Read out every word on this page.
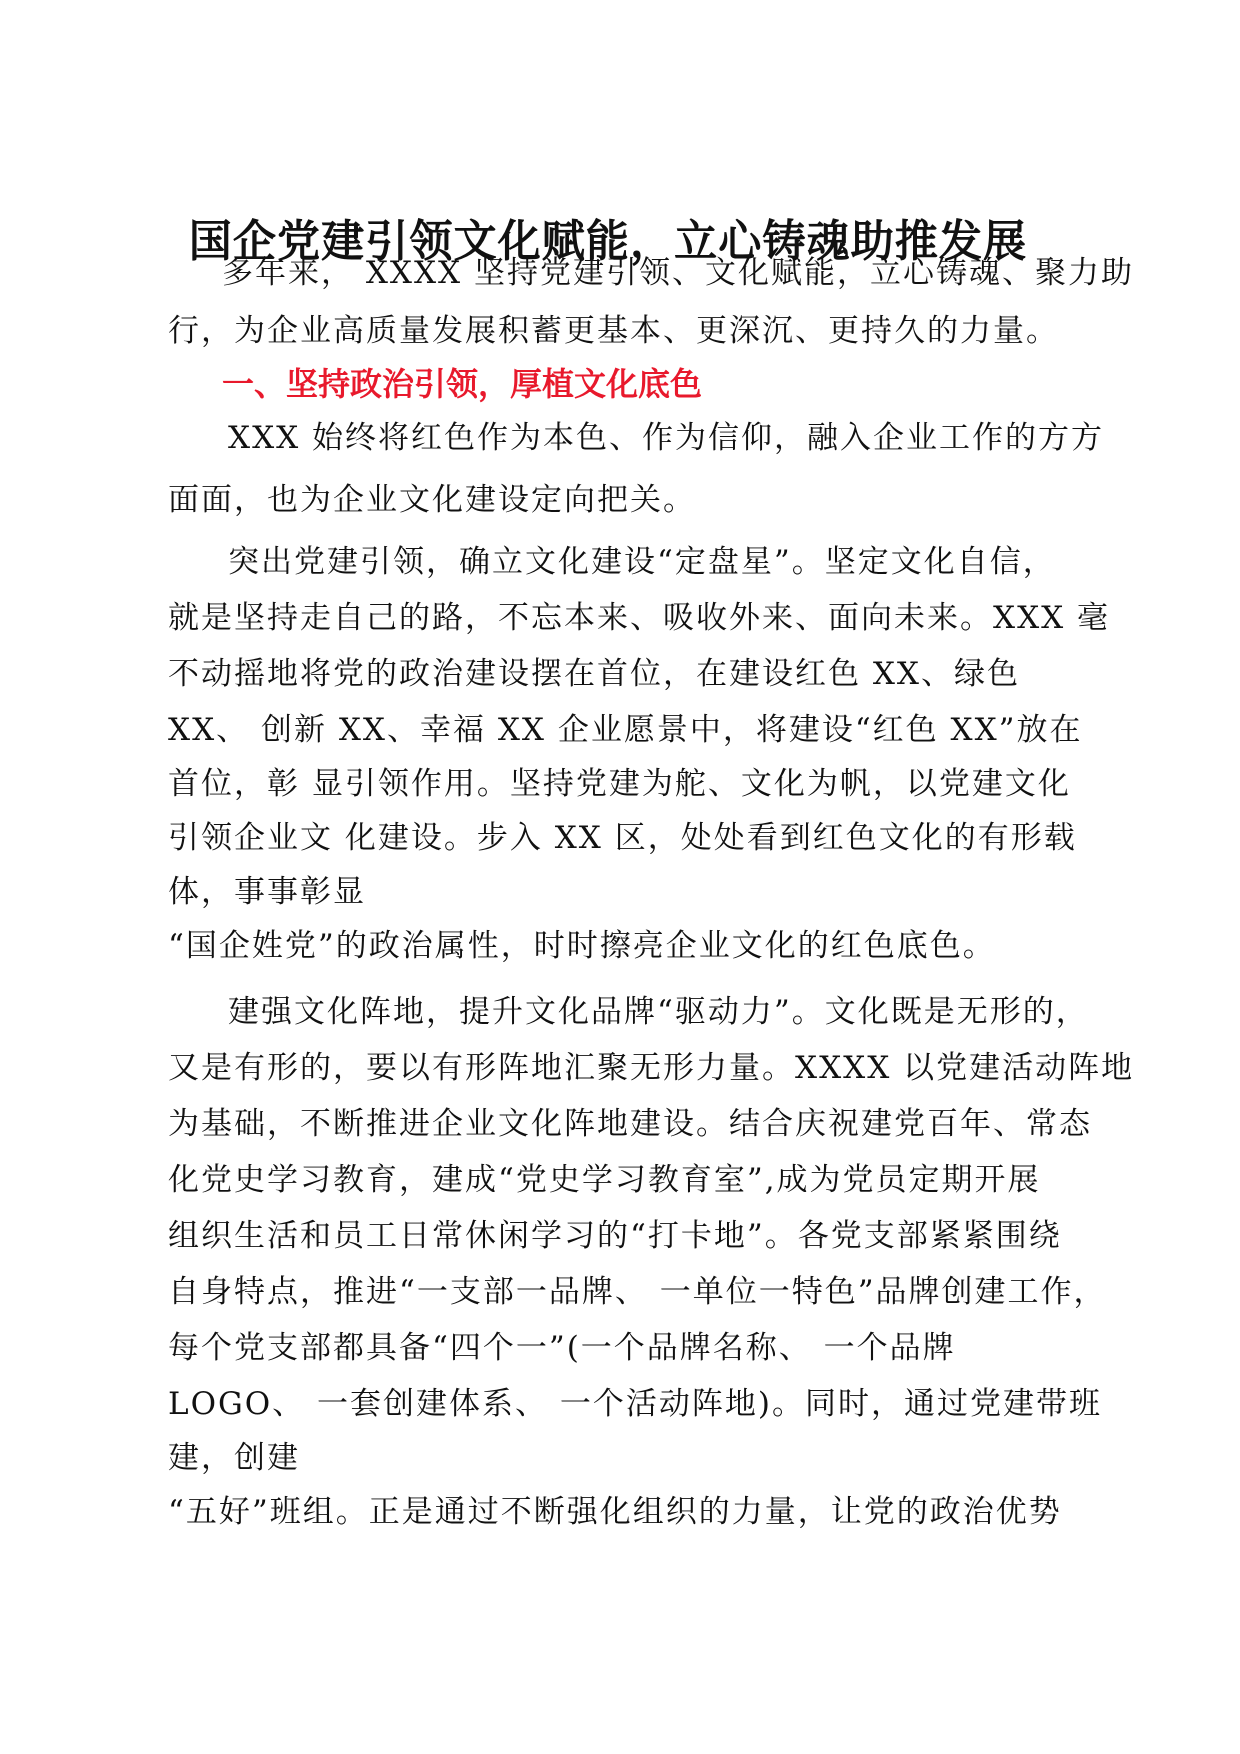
国企党建引领文化赋能，立心铸魂助推发展
多年来， XXXX 坚持党建引领、文化赋能，立心铸魂、聚力助
行，为企业高质量发展积蓄更基本、更深沉、更持久的力量。
一、坚持政治引领，厚植文化底色
XXX 始终将红色作为本色、作为信仰，融入企业工作的方方
面面，也为企业文化建设定向把关。
突出党建引领，确立文化建设“定盘星”。坚定文化自信，
就是坚持走自己的路，不忘本来、吸收外来、面向未来。XXX 毫
不动摇地将党的政治建设摆在首位，在建设红色 XX、绿色
XX、 创新 XX、幸福 XX 企业愿景中，将建设“红色 XX”放在
首位，彰 显引领作用。坚持党建为舵、文化为帆，以党建文化
引领企业文 化建设。步入 XX 区，处处看到红色文化的有形载
体，事事彰显
“国企姓党”的政治属性，时时擦亮企业文化的红色底色。
建强文化阵地，提升文化品牌“驱动力”。文化既是无形的，
又是有形的，要以有形阵地汇聚无形力量。XXXX 以党建活动阵地
为基础，不断推进企业文化阵地建设。结合庆祝建党百年、常态
化党史学习教育，建成“党史学习教育室”,成为党员定期开展
组织生活和员工日常休闲学习的“打卡地”。各党支部紧紧围绕
自身特点，推进“一支部一品牌、 一单位一特色”品牌创建工作，
每个党支部都具备“四个一”(一个品牌名称、 一个品牌
LOGO、 一套创建体系、 一个活动阵地)。同时，通过党建带班
建，创建
“五好”班组。正是通过不断强化组织的力量，让党的政治优势
